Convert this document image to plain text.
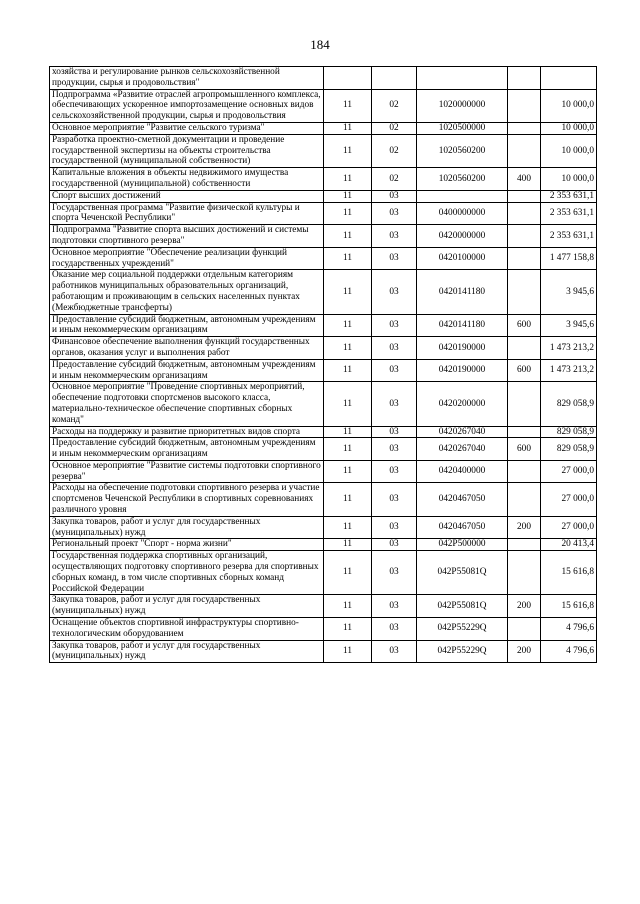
184
хозяйства и регулирование рынков сельскохозяйственной продукции, сырья и продовольствия"					
Подпрограмма «Развитие отраслей агропромышленного комплекса, обеспечивающих ускоренное импортозамещение основных видов сельскохозяйственной продукции, сырья и продовольствия	11	02	1020000000		10 000,0
Основное мероприятие "Развитие сельского туризма"	11	02	1020500000		10 000,0
Разработка проектно-сметной документации и проведение государственной экспертизы на объекты строительства государственной (муниципальной собственности)	11	02	1020560200		10 000,0
Капитальные вложения в объекты недвижимого имущества государственной (муниципальной) собственности	11	02	1020560200	400	10 000,0
Спорт высших достижений	11	03			2 353 631,1
Государственная программа "Развитие физической культуры и спорта Чеченской Республики"	11	03	0400000000		2 353 631,1
Подпрограмма "Развитие спорта высших достижений и системы подготовки спортивного резерва"	11	03	0420000000		2 353 631,1
Основное мероприятие "Обеспечение реализации функций государственных учреждений"	11	03	0420100000		1 477 158,8
Оказание мер социальной поддержки отдельным категориям работников муниципальных образовательных организаций, работающим и проживающим в сельских населенных пунктах (Межбюджетные трансферты)	11	03	0420141180		3 945,6
Предоставление субсидий бюджетным, автономным учреждениям и иным некоммерческим организациям	11	03	0420141180	600	3 945,6
Финансовое обеспечение выполнения функций государственных органов, оказания услуг и выполнения работ	11	03	0420190000		1 473 213,2
Предоставление субсидий бюджетным, автономным учреждениям и иным некоммерческим организациям	11	03	0420190000	600	1 473 213,2
Основное мероприятие "Проведение спортивных мероприятий, обеспечение подготовки спортсменов высокого класса, материально-техническое обеспечение спортивных сборных команд"	11	03	0420200000		829 058,9
Расходы на поддержку и развитие приоритетных видов спорта	11	03	0420267040		829 058,9
Предоставление субсидий бюджетным, автономным учреждениям и иным некоммерческим организациям	11	03	0420267040	600	829 058,9
Основное мероприятие "Развитие системы подготовки спортивного резерва"	11	03	0420400000		27 000,0
Расходы на обеспечение подготовки спортивного резерва и участие спортсменов Чеченской Республики в спортивных соревнованиях различного уровня	11	03	0420467050		27 000,0
Закупка товаров, работ и услуг для государственных (муниципальных) нужд	11	03	0420467050	200	27 000,0
Региональный проект "Спорт - норма жизни"	11	03	042P500000		20 413,4
Государственная поддержка спортивных организаций, осуществляющих подготовку спортивного резерва для спортивных сборных команд, в том числе спортивных сборных команд Российской Федерации	11	03	042P55081Q		15 616,8
Закупка товаров, работ и услуг для государственных (муниципальных) нужд	11	03	042P55081Q	200	15 616,8
Оснащение объектов спортивной инфраструктуры спортивно-технологическим оборудованием	11	03	042P55229Q		4 796,6
Закупка товаров, работ и услуг для государственных (муниципальных) нужд	11	03	042P55229Q	200	4 796,6
